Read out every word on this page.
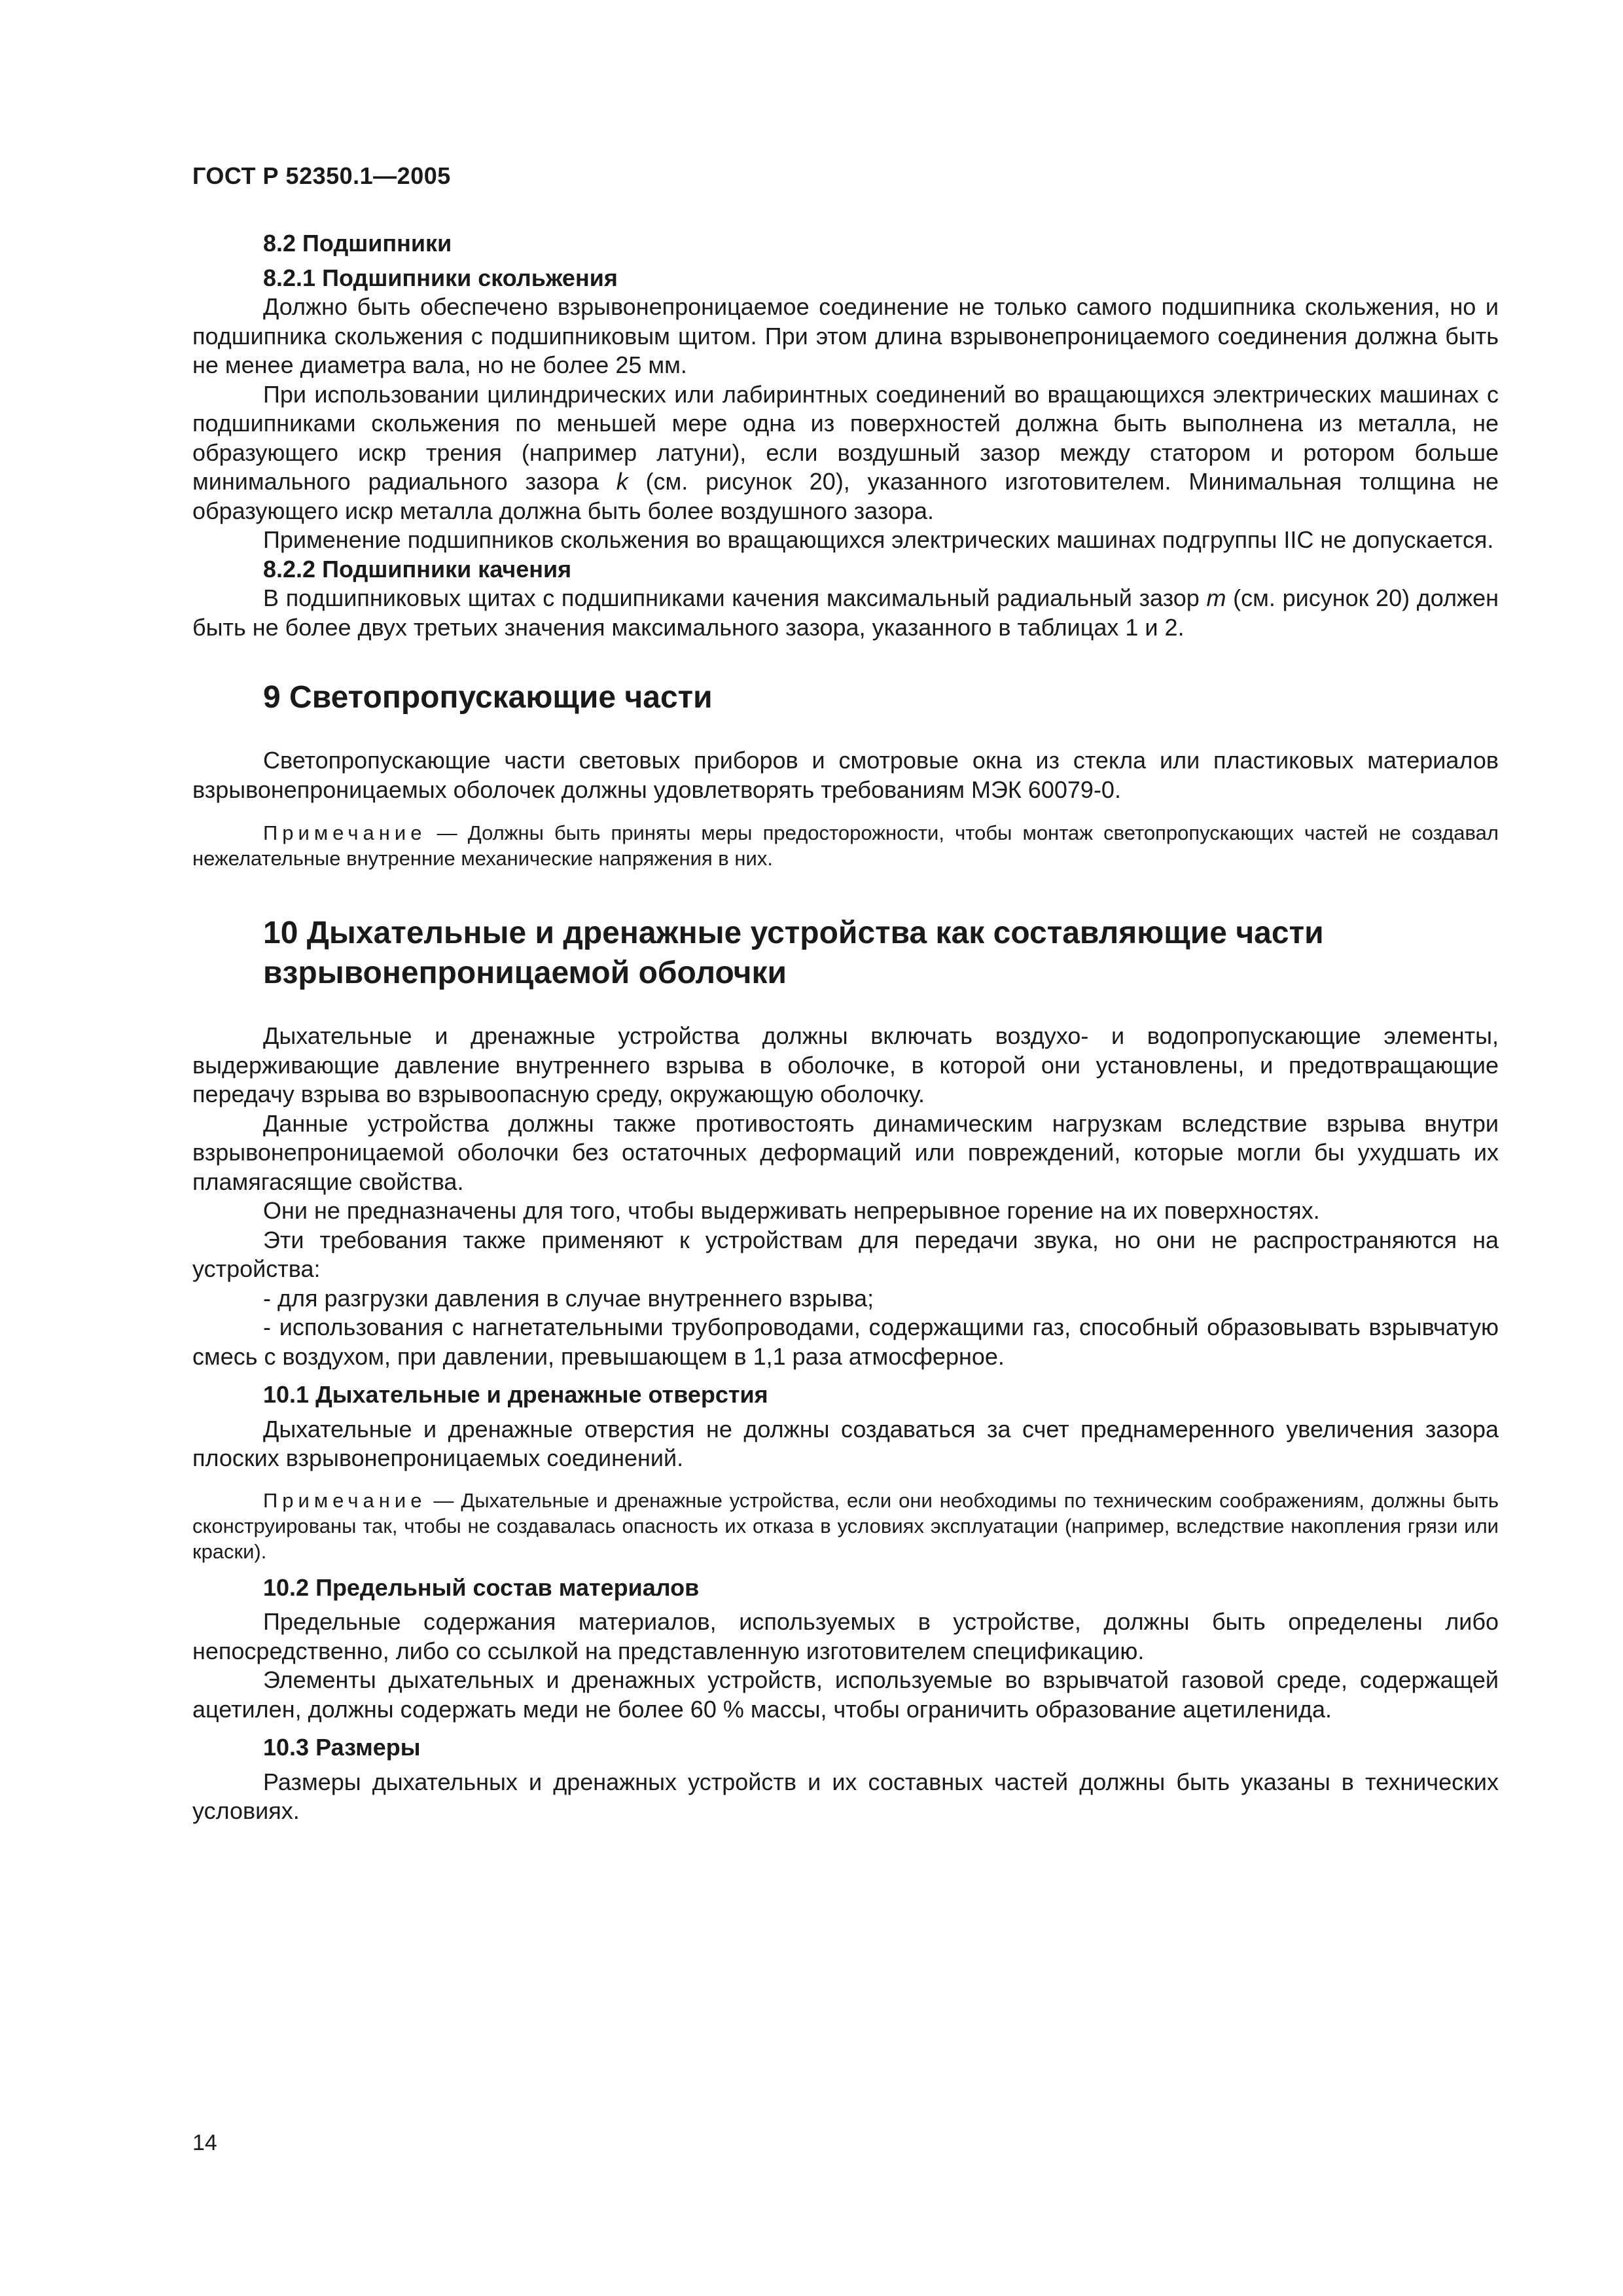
ГОСТ Р 52350.1—2005

8.2 Подшипники

8.2.1 Подшипники скольжения

Должно быть обеспечено взрывонепроницаемое соединение не только самого подшипника скольжения, но и подшипника скольжения с подшипниковым щитом. При этом длина взрывонепроницаемого соединения должна быть не менее диаметра вала, но не более 25 мм.

При использовании цилиндрических или лабиринтных соединений во вращающихся электрических машинах с подшипниками скольжения по меньшей мере одна из поверхностей должна быть выполнена из металла, не образующего искр трения (например латуни), если воздушный зазор между статором и ротором больше минимального радиального зазора k (см. рисунок 20), указанного изготовителем. Минимальная толщина не образующего искр металла должна быть более воздушного зазора.

Применение подшипников скольжения во вращающихся электрических машинах подгруппы IIC не допускается.

8.2.2 Подшипники качения

В подшипниковых щитах с подшипниками качения максимальный радиальный зазор m (см. рисунок 20) должен быть не более двух третьих значения максимального зазора, указанного в таблицах 1 и 2.

9 Светопропускающие части

Светопропускающие части световых приборов и смотровые окна из стекла или пластиковых материалов взрывонепроницаемых оболочек должны удовлетворять требованиям МЭК 60079-0.

Примечание — Должны быть приняты меры предосторожности, чтобы монтаж светопропускающих частей не создавал нежелательные внутренние механические напряжения в них.

10 Дыхательные и дренажные устройства как составляющие части
взрывонепроницаемой оболочки

Дыхательные и дренажные устройства должны включать воздухо- и водопропускающие элементы, выдерживающие давление внутреннего взрыва в оболочке, в которой они установлены, и предотвращающие передачу взрыва во взрывоопасную среду, окружающую оболочку.

Данные устройства должны также противостоять динамическим нагрузкам вследствие взрыва внутри взрывонепроницаемой оболочки без остаточных деформаций или повреждений, которые могли бы ухудшать их пламягасящие свойства.

Они не предназначены для того, чтобы выдерживать непрерывное горение на их поверхностях.

Эти требования также применяют к устройствам для передачи звука, но они не распространяются на устройства:

- для разгрузки давления в случае внутреннего взрыва;

- использования с нагнетательными трубопроводами, содержащими газ, способный образовывать взрывчатую смесь с воздухом, при давлении, превышающем в 1,1 раза атмосферное.

10.1 Дыхательные и дренажные отверстия

Дыхательные и дренажные отверстия не должны создаваться за счет преднамеренного увеличения зазора плоских взрывонепроницаемых соединений.

Примечание — Дыхательные и дренажные устройства, если они необходимы по техническим соображениям, должны быть сконструированы так, чтобы не создавалась опасность их отказа в условиях эксплуатации (например, вследствие накопления грязи или краски).

10.2 Предельный состав материалов

Предельные содержания материалов, используемых в устройстве, должны быть определены либо непосредственно, либо со ссылкой на представленную изготовителем спецификацию.

Элементы дыхательных и дренажных устройств, используемые во взрывчатой газовой среде, содержащей ацетилен, должны содержать меди не более 60 % массы, чтобы ограничить образование ацетиленида.

10.3 Размеры

Размеры дыхательных и дренажных устройств и их составных частей должны быть указаны в технических условиях.

14
